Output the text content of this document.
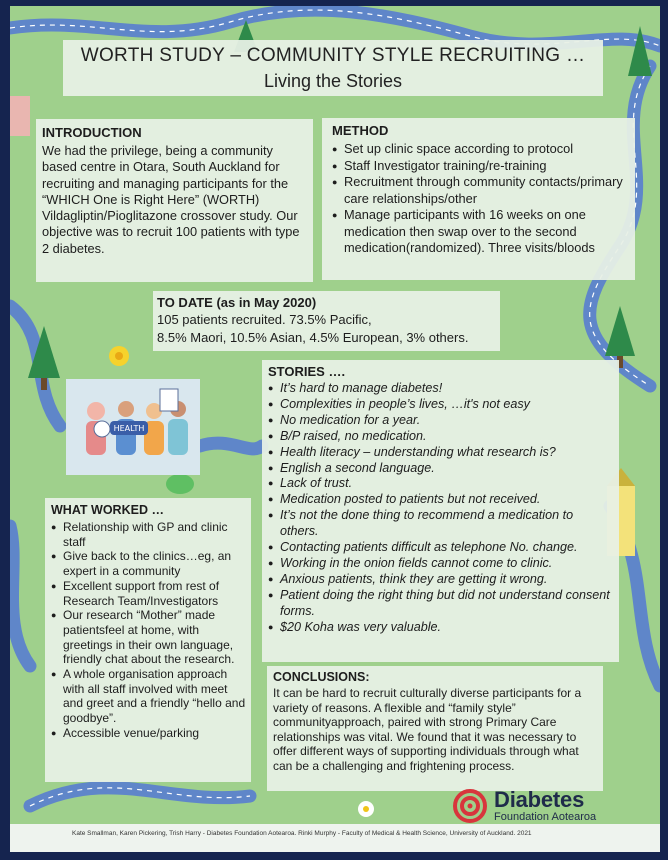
WORTH STUDY – COMMUNITY STYLE RECRUITING …
Living the Stories
INTRODUCTION
We had the privilege, being a community based centre in Otara, South Auckland for recruiting and managing participants for the “WHICH One is Right Here” (WORTH) Vildagliptin/Pioglitazone crossover study. Our objective was to recruit 100 patients with type 2 diabetes.
METHOD
● Set up clinic space according to protocol
● Staff Investigator training/re-training
● Recruitment through community contacts/primary care relationships/other
● Manage participants with 16 weeks on one medication then swap over to the second medication(randomized). Three visits/bloods
TO DATE (as in May 2020)
105 patients recruited. 73.5% Pacific,
8.5% Maori, 10.5% Asian, 4.5% European, 3% others.
HEALTH
STORIES ….
● It’s hard to manage diabetes!
● Complexities in people’s lives, …it's not easy
● No medication for a year.
● B/P raised, no medication.
● Health literacy – understanding what research is?
● English a second language.
● Lack of trust.
● Medication posted to patients but not received.
● It’s not the done thing to recommend a medication to others.
● Contacting patients difficult as telephone No. change.
● Working in the onion fields cannot come to clinic.
● Anxious patients, think they are getting it wrong.
● Patient doing the right thing but did not understand consent forms.
● $20 Koha was very valuable.
WHAT WORKED …
● Relationship with GP and clinic staff
● Give back to the clinics…eg, an expert in a community
● Excellent support from rest of Research Team/Investigators
● Our research “Mother” made patientsfeel at home, with greetings in their own language, friendly chat about the research.
● A whole organisation approach with all staff involved with meet and greet and a friendly “hello and goodbye”.
● Accessible venue/parking
CONCLUSIONS:
It can be hard to recruit culturally diverse participants for a variety of reasons. A flexible and “family style” communityapproach, paired with strong Primary Care relationships was vital. We found that it was necessary to offer different ways of supporting individuals through what can be a challenging and frightening process.
Diabetes
Foundation Aotearoa
Kate Smallman, Karen Pickering, Trish Harry - Diabetes Foundation Aotearoa. Rinki Murphy - Faculty of Medical & Health Science, University of Auckland. 2021
